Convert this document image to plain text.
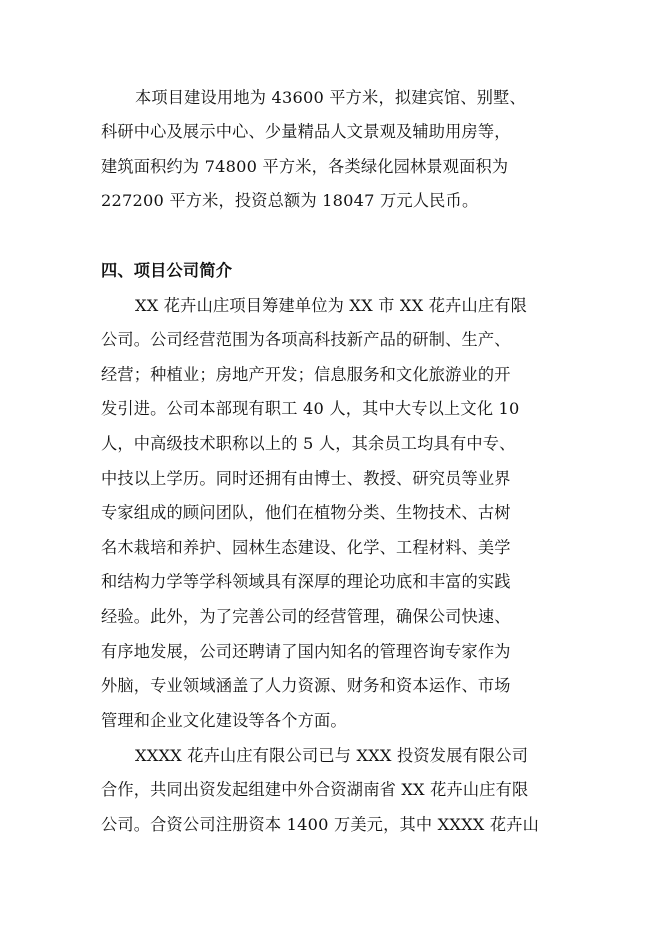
本项目建设用地为 43600 平方米，拟建宾馆、别墅、
科研中心及展示中心、少量精品人文景观及辅助用房等，
建筑面积约为 74800 平方米，各类绿化园林景观面积为
227200 平方米，投资总额为 18047 万元人民币。
四、项目公司简介
XX 花卉山庄项目筹建单位为 XX 市 XX 花卉山庄有限
公司。公司经营范围为各项高科技新产品的研制、生产、
经营；种植业；房地产开发；信息服务和文化旅游业的开
发引进。公司本部现有职工 40 人，其中大专以上文化 10
人，中高级技术职称以上的 5 人，其余员工均具有中专、
中技以上学历。同时还拥有由博士、教授、研究员等业界
专家组成的顾问团队，他们在植物分类、生物技术、古树
名木栽培和养护、园林生态建设、化学、工程材料、美学
和结构力学等学科领域具有深厚的理论功底和丰富的实践
经验。此外，为了完善公司的经营管理，确保公司快速、
有序地发展，公司还聘请了国内知名的管理咨询专家作为
外脑，专业领域涵盖了人力资源、财务和资本运作、市场
管理和企业文化建设等各个方面。
XXXX 花卉山庄有限公司已与 XXX 投资发展有限公司
合作，共同出资发起组建中外合资湖南省 XX 花卉山庄有限
公司。合资公司注册资本 1400 万美元，其中 XXXX 花卉山
